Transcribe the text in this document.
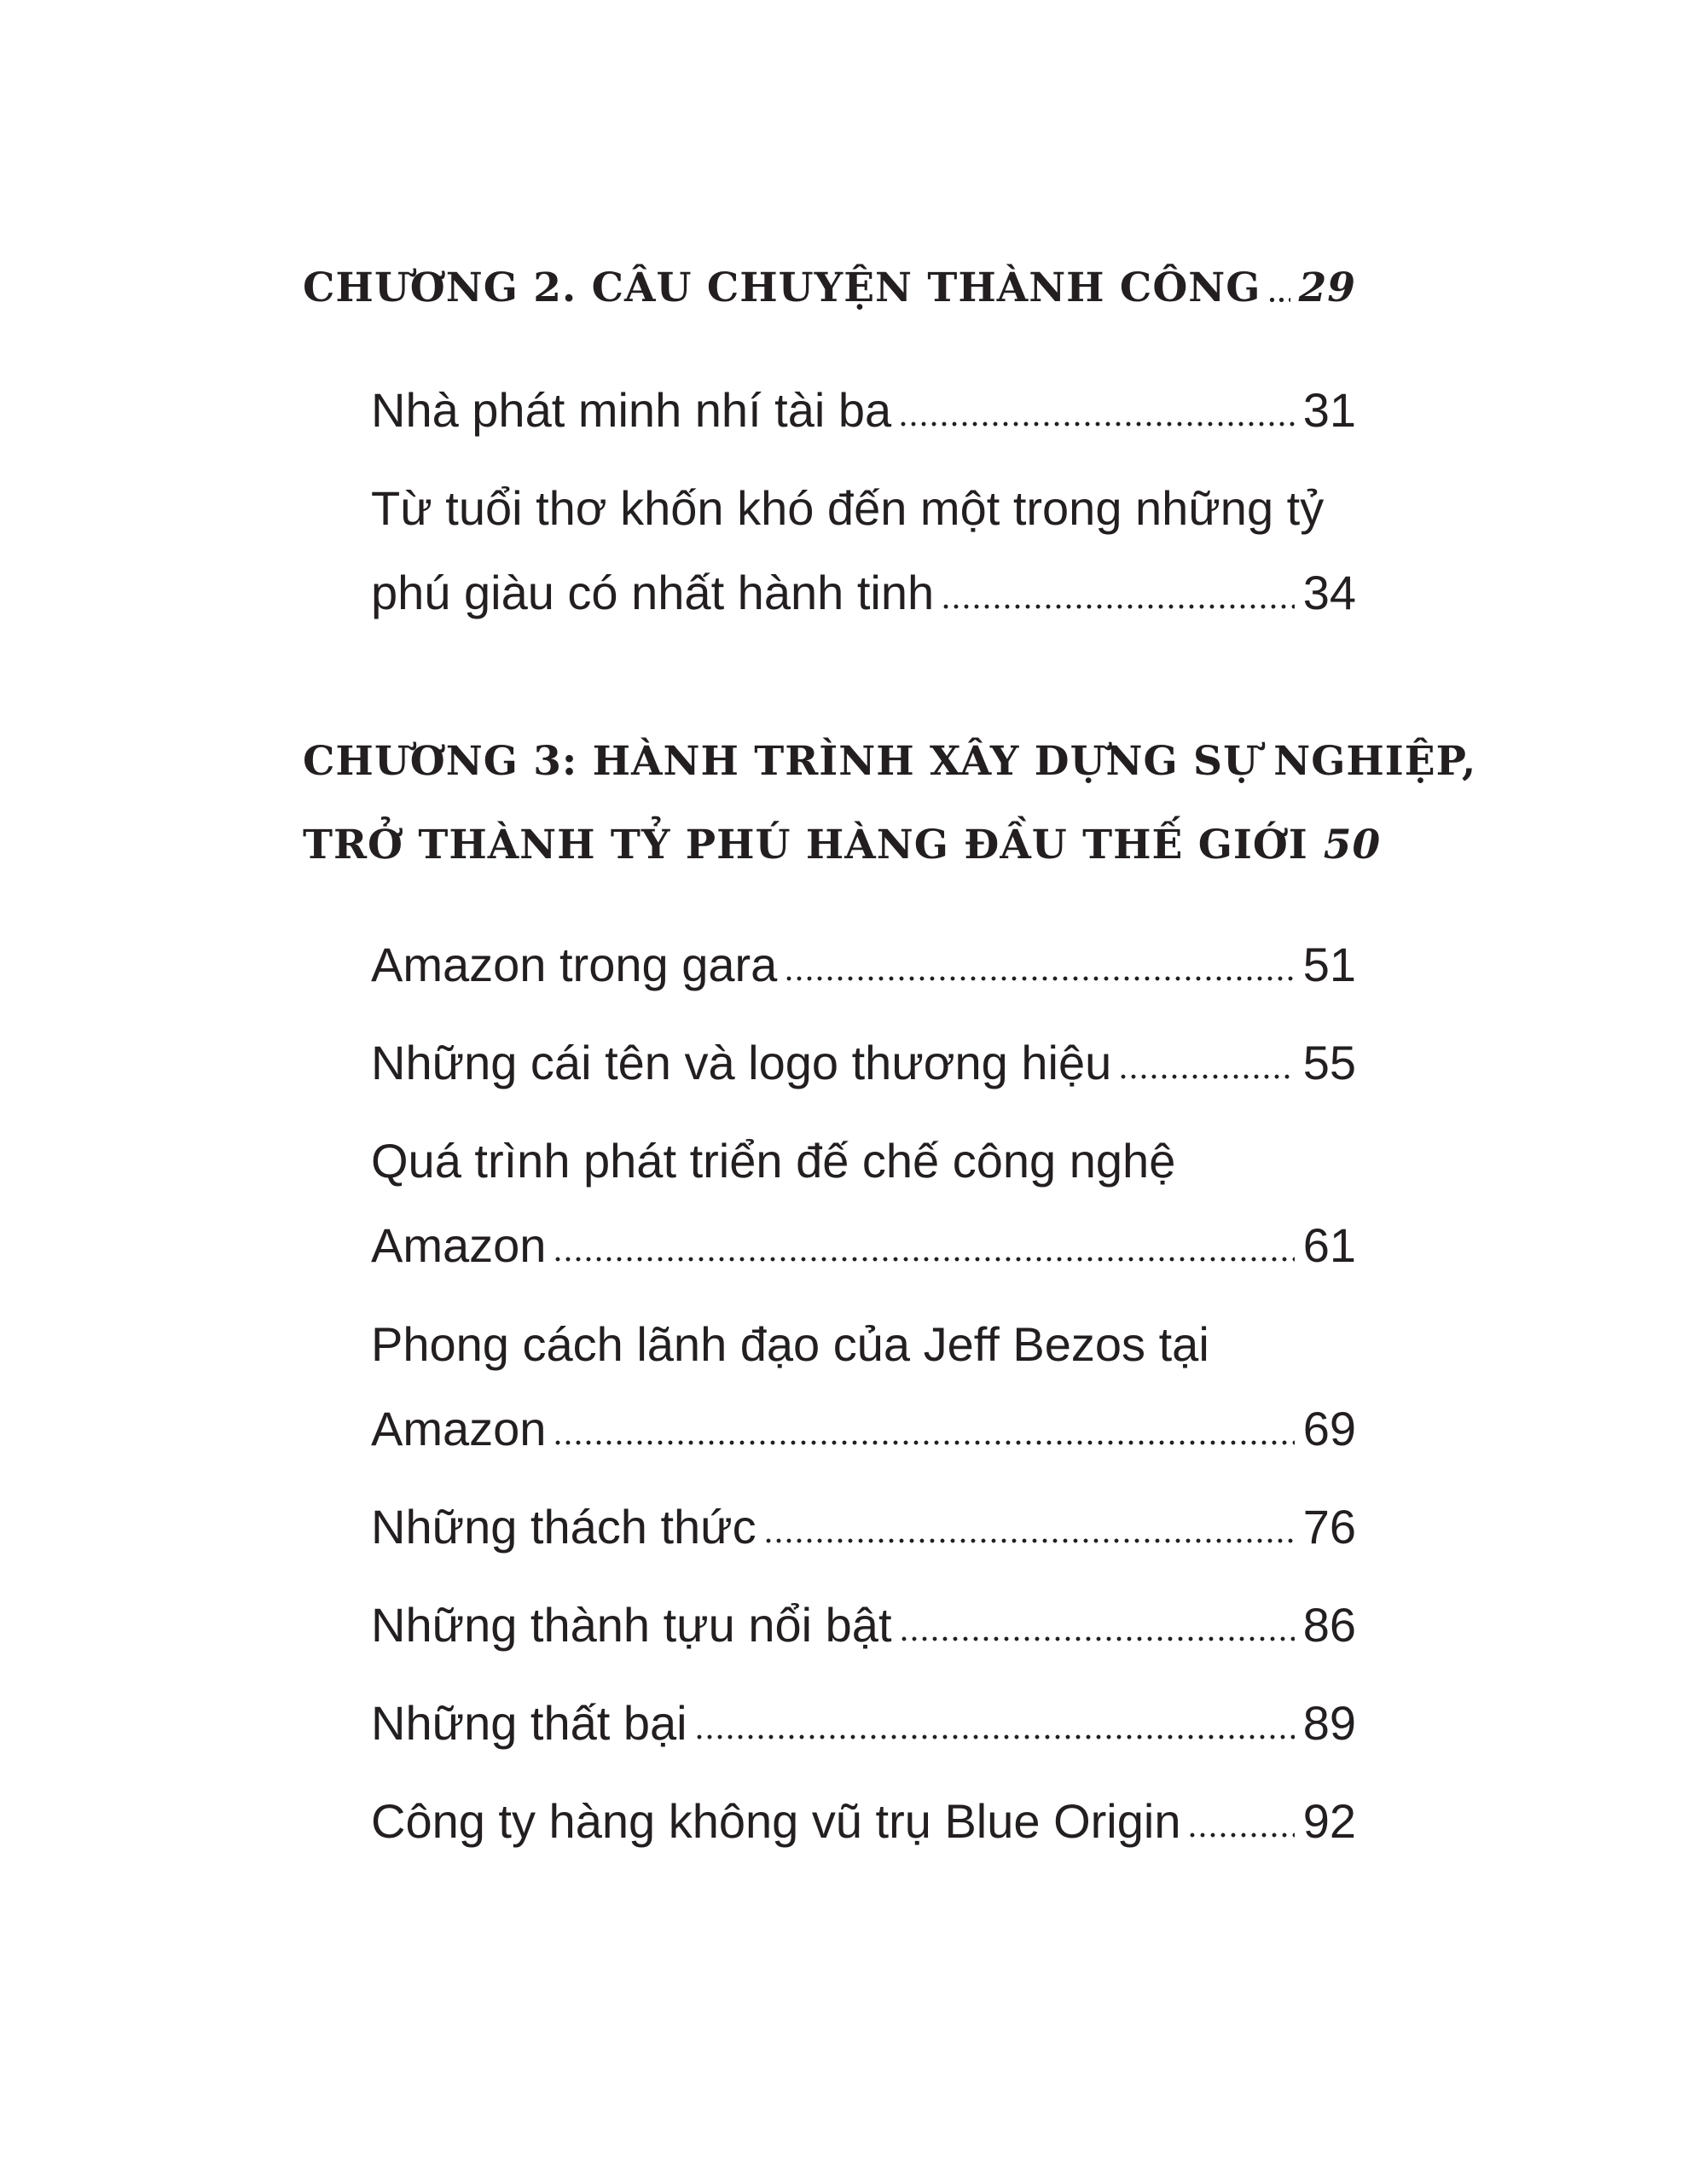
CHƯƠNG 2. CÂU CHUYỆN THÀNH CÔNG 29
Nhà phát minh nhí tài ba	31
Từ tuổi thơ khốn khó đến một trong những tỷ
phú giàu có nhất hành tinh	34
CHƯƠNG 3: HÀNH TRÌNH XÂY DỰNG SỰ NGHIỆP,
TRỞ THÀNH TỶ PHÚ HÀNG ĐẦU THẾ GIỚI 50
Amazon trong gara	51
Những cái tên và logo thương hiệu	55
Quá trình phát triển đế chế công nghệ
Amazon	61
Phong cách lãnh đạo của Jeff Bezos tại
Amazon	69
Những thách thức	76
Những thành tựu nổi bật	86
Những thất bại	89
Công ty hàng không vũ trụ Blue Origin	92
